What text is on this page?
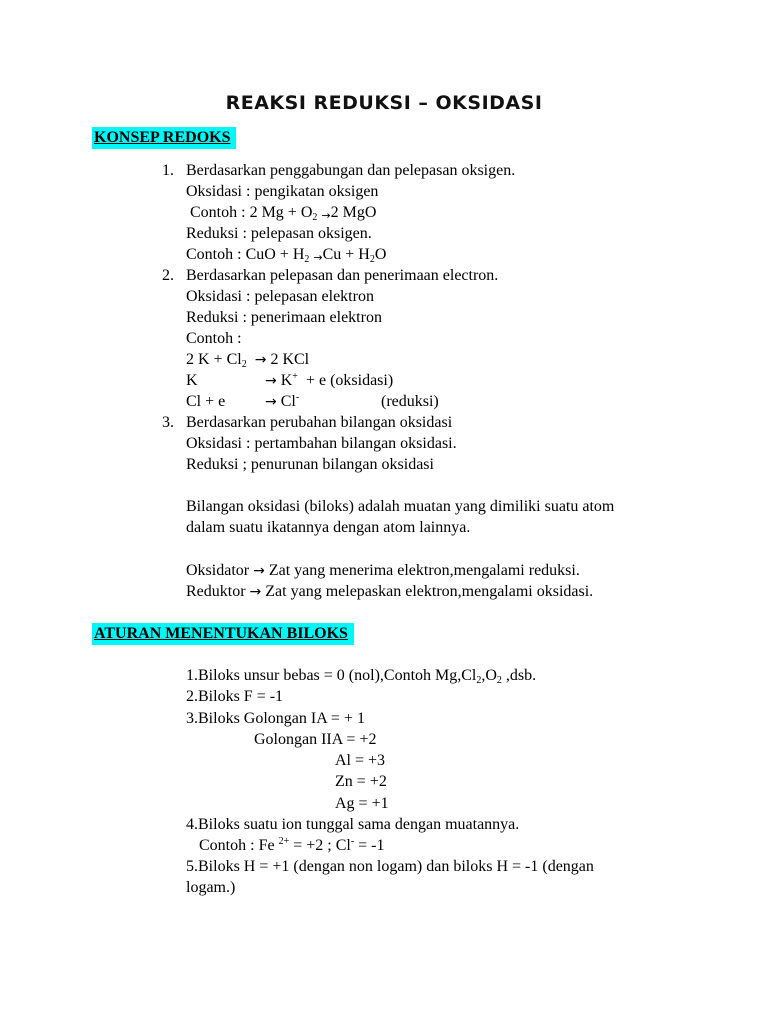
REAKSI REDUKSI – OKSIDASI
KONSEP REDOKS
1. Berdasarkan penggabungan dan pelepasan oksigen.
Oksidasi : pengikatan oksigen
Contoh : 2 $Mg + O_2 \to 2$ MgO
Reduksi : pelepasan oksigen.
Contoh : CuO + $H_2 \to Cu + H_2O$
2. Berdasarkan pelepasan dan penerimaan electron.
Oksidasi : pelepasan elektron
Reduksi : penerimaan elektron
Contoh :
2 $K + Cl_2 \to 2$ KCl
K	→ K+ + e (oksidasi)
Cl + e	→ Cl-	(reduksi)
3. Berdasarkan perubahan bilangan oksidasi
Oksidasi : pertambahan bilangan oksidasi.
Reduksi ; penurunan bilangan oksidasi
Bilangan oksidasi (biloks) adalah muatan yang dimiliki suatu atom
dalam suatu ikatannya dengan atom lainnya.
Oksidator → Zat yang menerima elektron,mengalami reduksi.
Reduktor → Zat yang melepaskan elektron,mengalami oksidasi.
ATURAN MENENTUKAN BILOKS
1.Biloks unsur bebas = 0 (nol),Contoh $Mg,Cl_2,O_2$ ,dsb.
2.Biloks F = -1
3.Biloks Golongan IA = + 1
Golongan IIA = +2
Al = +3
Zn = +2
Ag = +1
4.Biloks suatu ion tunggal sama dengan muatannya.
Contoh : Fe $^{2+}$ = +2 ; Cl- = -1
5.Biloks H = +1 (dengan non logam) dan biloks H = -1 (dengan
logam.)
